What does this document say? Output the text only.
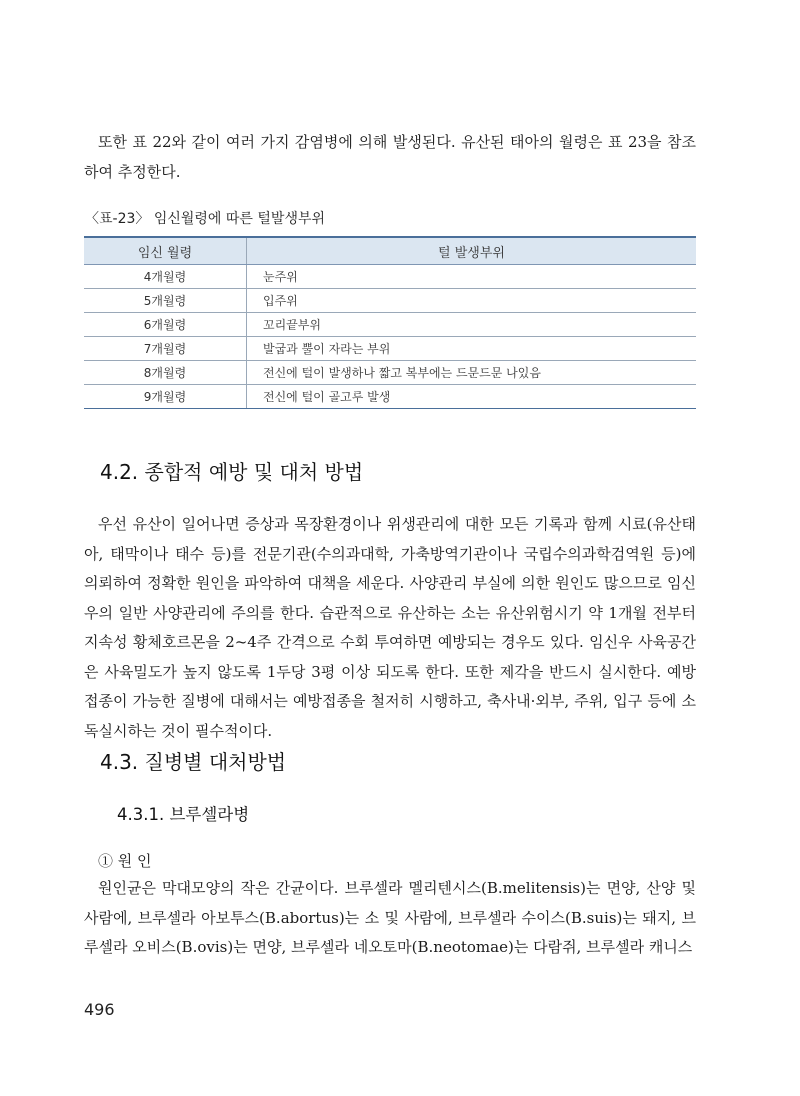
또한 표 22와 같이 여러 가지 감염병에 의해 발생된다. 유산된 태아의 월령은 표 23을 참조하여 추정한다.

〈표-23〉 임신월령에 따른 털발생부위
임신 월령	털 발생부위
4개월령	눈주위
5개월령	입주위
6개월령	꼬리끝부위
7개월령	발굽과 뿔이 자라는 부위
8개월령	전신에 털이 발생하나 짧고 복부에는 드문드문 나있음
9개월령	전신에 털이 골고루 발생
4.2. 종합적 예방 및 대처 방법

우선 유산이 일어나면 증상과 목장환경이나 위생관리에 대한 모든 기록과 함께 시료(유산태아, 태막이나 태수 등)를 전문기관(수의과대학, 가축방역기관이나 국립수의과학검역원 등)에 의뢰하여 정확한 원인을 파악하여 대책을 세운다. 사양관리 부실에 의한 원인도 많으므로 임신우의 일반 사양관리에 주의를 한다. 습관적으로 유산하는 소는 유산위험시기 약 1개월 전부터 지속성 황체호르몬을 2~4주 간격으로 수회 투여하면 예방되는 경우도 있다. 임신우 사육공간은 사육밀도가 높지 않도록 1두당 3평 이상 되도록 한다. 또한 제각을 반드시 실시한다. 예방접종이 가능한 질병에 대해서는 예방접종을 철저히 시행하고, 축사내·외부, 주위, 입구 등에 소독실시하는 것이 필수적이다.

4.3. 질병별 대처방법
4.3.1. 브루셀라병

① 원 인

원인균은 막대모양의 작은 간균이다. 브루셀라 멜리텐시스(B.melitensis)는 면양, 산양 및 사람에, 브루셀라 아보투스(B.abortus)는 소 및 사람에, 브루셀라 수이스(B.suis)는 돼지, 브루셀라 오비스(B.ovis)는 면양, 브루셀라 네오토마(B.neotomae)는 다람쥐, 브루셀라 캐니스

496
